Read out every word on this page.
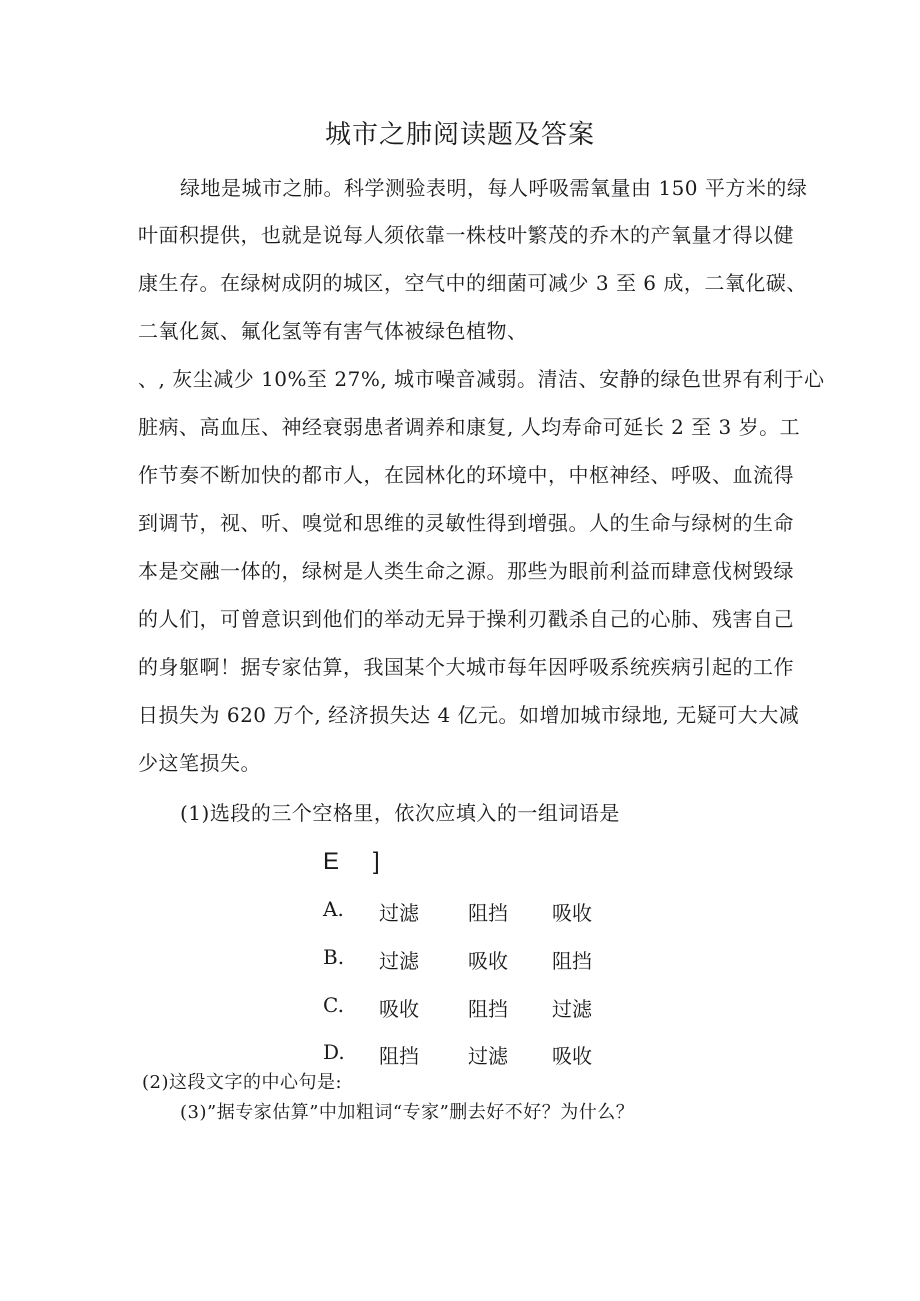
城市之肺阅读题及答案
绿地是城市之肺。科学测验表明，每人呼吸需氧量由 150 平方米的绿
叶面积提供，也就是说每人须依靠一株枝叶繁茂的乔木的产氧量才得以健
康生存。在绿树成阴的城区，空气中的细菌可减少 3 至 6 成，二氧化碳、
二氧化氮、氟化氢等有害气体被绿色植物、
、, 灰尘减少 10%至 27%, 城市噪音减弱。清洁、安静的绿色世界有利于心
脏病、高血压、神经衰弱患者调养和康复, 人均寿命可延长 2 至 3 岁。工
作节奏不断加快的都市人，在园林化的环境中，中枢神经、呼吸、血流得
到调节，视、听、嗅觉和思维的灵敏性得到增强。人的生命与绿树的生命
本是交融一体的，绿树是人类生命之源。那些为眼前利益而肆意伐树毁绿
的人们，可曾意识到他们的举动无异于操利刃戳杀自己的心肺、残害自己
的身躯啊！据专家估算，我国某个大城市每年因呼吸系统疾病引起的工作
日损失为 620 万个, 经济损失达 4 亿元。如增加城市绿地, 无疑可大大减
少这笔损失。
(1)选段的三个空格里，依次应填入的一组词语是
E ]
A. 过滤 阻挡 吸收
B. 过滤 吸收 阻挡
C. 吸收 阻挡 过滤
D. 阻挡 过滤 吸收
(2)这段文字的中心句是:
(3)”据专家估算”中加粗词“专家”删去好不好？为什么？
